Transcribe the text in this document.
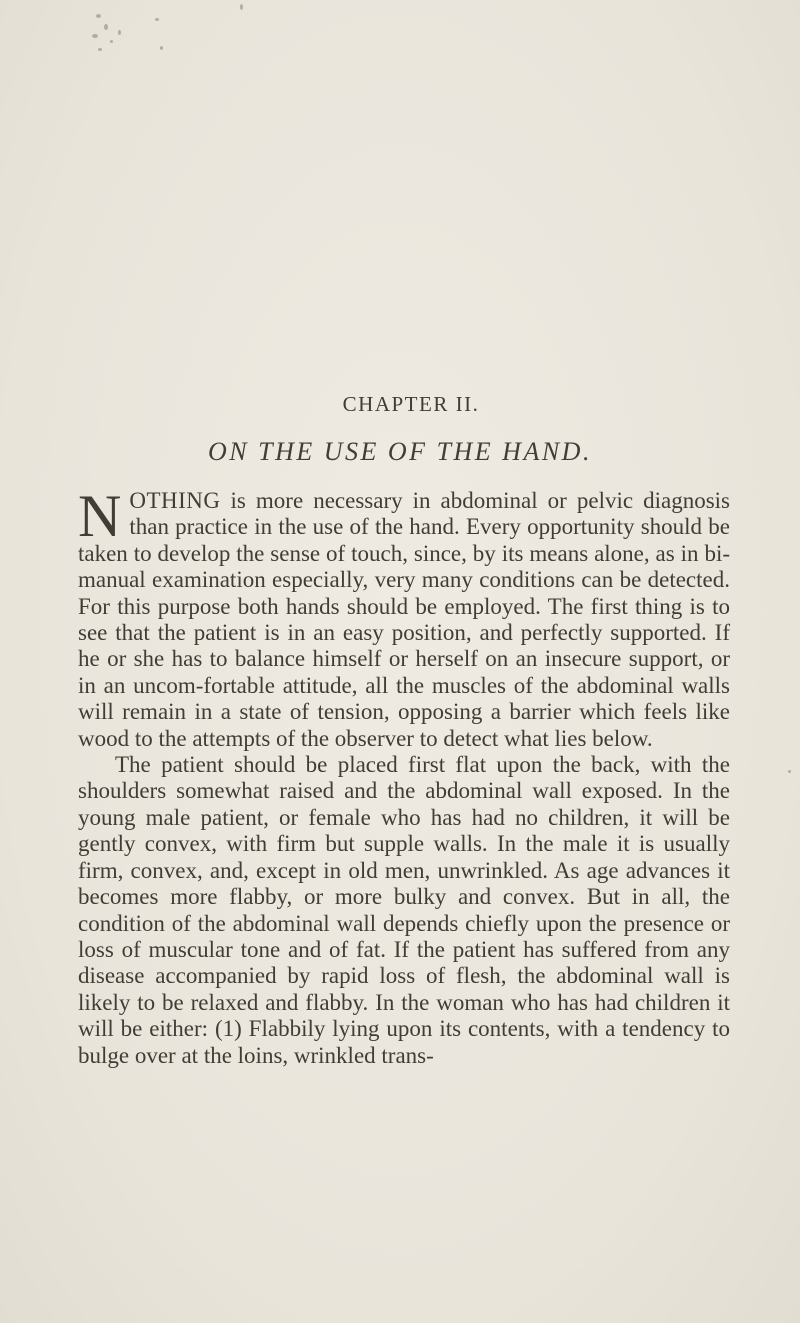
CHAPTER II.
ON THE USE OF THE HAND.

NOTHING is more necessary in abdominal or pelvic diagnosis than practice in the use of the hand. Every opportunity should be taken to develop the sense of touch, since, by its means alone, as in bi-manual examination especially, very many conditions can be detected. For this purpose both hands should be employed. The first thing is to see that the patient is in an easy position, and perfectly supported. If he or she has to balance himself or herself on an insecure support, or in an uncom-fortable attitude, all the muscles of the abdominal walls will remain in a state of tension, opposing a barrier which feels like wood to the attempts of the observer to detect what lies below.

The patient should be placed first flat upon the back, with the shoulders somewhat raised and the abdominal wall exposed. In the young male patient, or female who has had no children, it will be gently convex, with firm but supple walls. In the male it is usually firm, convex, and, except in old men, unwrinkled. As age advances it becomes more flabby, or more bulky and convex. But in all, the condition of the abdominal wall depends chiefly upon the presence or loss of muscular tone and of fat. If the patient has suffered from any disease accompanied by rapid loss of flesh, the abdominal wall is likely to be relaxed and flabby. In the woman who has had children it will be either: (1) Flabbily lying upon its contents, with a tendency to bulge over at the loins, wrinkled trans-
